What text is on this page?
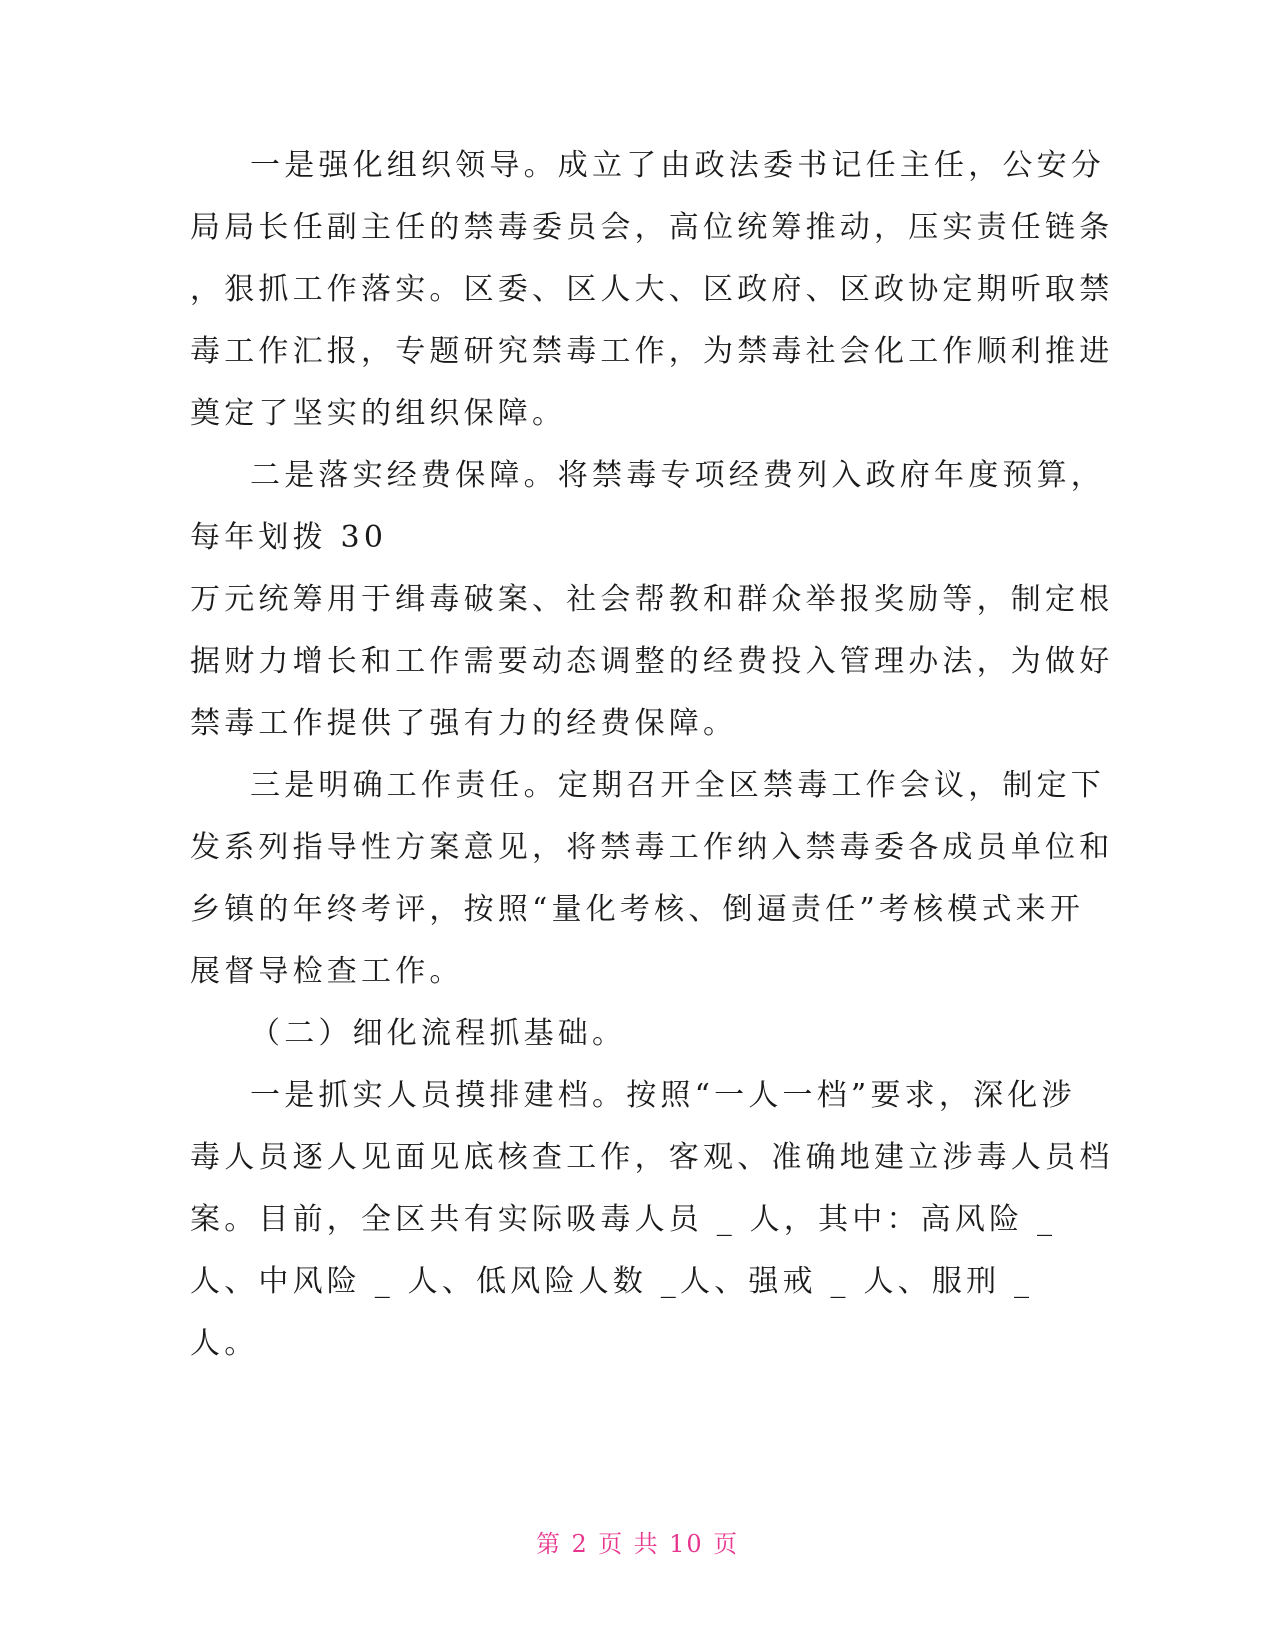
一是强化组织领导。成立了由政法委书记任主任，公安分
局局长任副主任的禁毒委员会，高位统筹推动，压实责任链条
，狠抓工作落实。区委、区人大、区政府、区政协定期听取禁
毒工作汇报，专题研究禁毒工作，为禁毒社会化工作顺利推进
奠定了坚实的组织保障。
二是落实经费保障。将禁毒专项经费列入政府年度预算，
每年划拨 30
万元统筹用于缉毒破案、社会帮教和群众举报奖励等，制定根
据财力增长和工作需要动态调整的经费投入管理办法，为做好
禁毒工作提供了强有力的经费保障。
三是明确工作责任。定期召开全区禁毒工作会议，制定下
发系列指导性方案意见，将禁毒工作纳入禁毒委各成员单位和
乡镇的年终考评，按照“量化考核、倒逼责任”考核模式来开
展督导检查工作。
（二）细化流程抓基础。
一是抓实人员摸排建档。按照“一人一档”要求，深化涉
毒人员逐人见面见底核查工作，客观、准确地建立涉毒人员档
案。目前，全区共有实际吸毒人员 _ 人，其中：高风险 _
人、中风险 _ 人、低风险人数 _人、强戒 _ 人、服刑 _
人。
第 2 页 共 10 页
